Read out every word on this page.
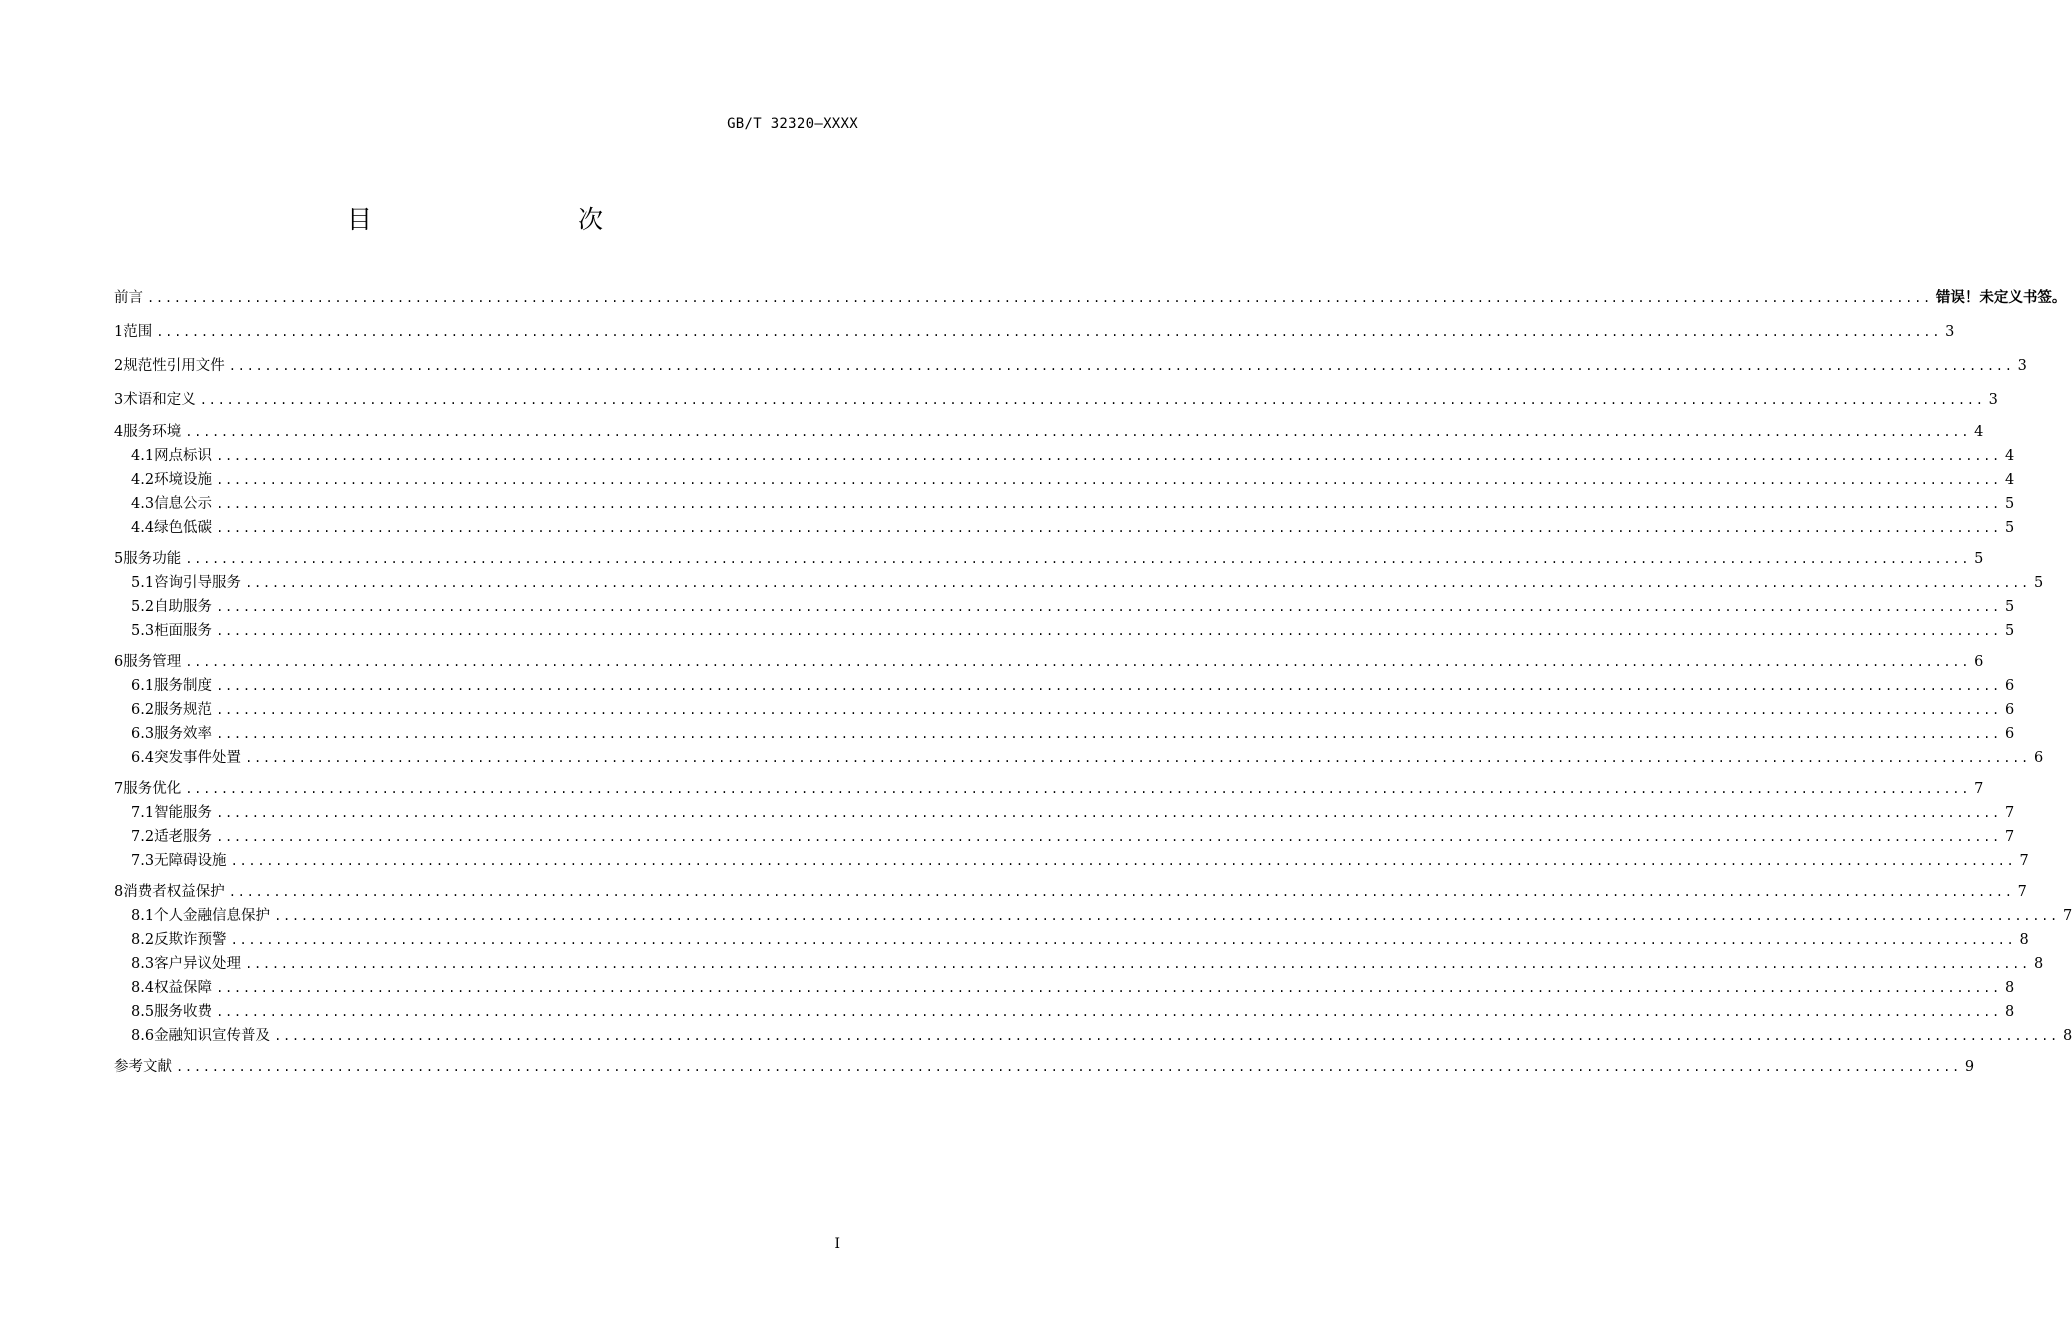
GB/T 32320—XXXX
目　　次
前言 ........................................................................................................................................................................................................ 错误！未定义书签。
1 范围 ........................................................................................................................................................................................................ 3
2 规范性引用文件 ........................................................................................................................................................................................................ 3
3 术语和定义 ........................................................................................................................................................................................................ 3
4 服务环境 ........................................................................................................................................................................................................ 4
4.1 网点标识 ........................................................................................................................................................................................................ 4
4.2 环境设施 ........................................................................................................................................................................................................ 4
4.3 信息公示 ........................................................................................................................................................................................................ 5
4.4 绿色低碳 ........................................................................................................................................................................................................ 5
5 服务功能 ........................................................................................................................................................................................................ 5
5.1 咨询引导服务 ........................................................................................................................................................................................................ 5
5.2 自助服务 ........................................................................................................................................................................................................ 5
5.3 柜面服务 ........................................................................................................................................................................................................ 5
6 服务管理 ........................................................................................................................................................................................................ 6
6.1 服务制度 ........................................................................................................................................................................................................ 6
6.2 服务规范 ........................................................................................................................................................................................................ 6
6.3 服务效率 ........................................................................................................................................................................................................ 6
6.4 突发事件处置 ........................................................................................................................................................................................................ 6
7 服务优化 ........................................................................................................................................................................................................ 7
7.1 智能服务 ........................................................................................................................................................................................................ 7
7.2 适老服务 ........................................................................................................................................................................................................ 7
7.3 无障碍设施 ........................................................................................................................................................................................................ 7
8 消费者权益保护 ........................................................................................................................................................................................................ 7
8.1 个人金融信息保护 ........................................................................................................................................................................................................ 7
8.2 反欺诈预警 ........................................................................................................................................................................................................ 8
8.3 客户异议处理 ........................................................................................................................................................................................................ 8
8.4 权益保障 ........................................................................................................................................................................................................ 8
8.5 服务收费 ........................................................................................................................................................................................................ 8
8.6 金融知识宣传普及 ........................................................................................................................................................................................................ 8
参考文献 ........................................................................................................................................................................................................ 9
I
